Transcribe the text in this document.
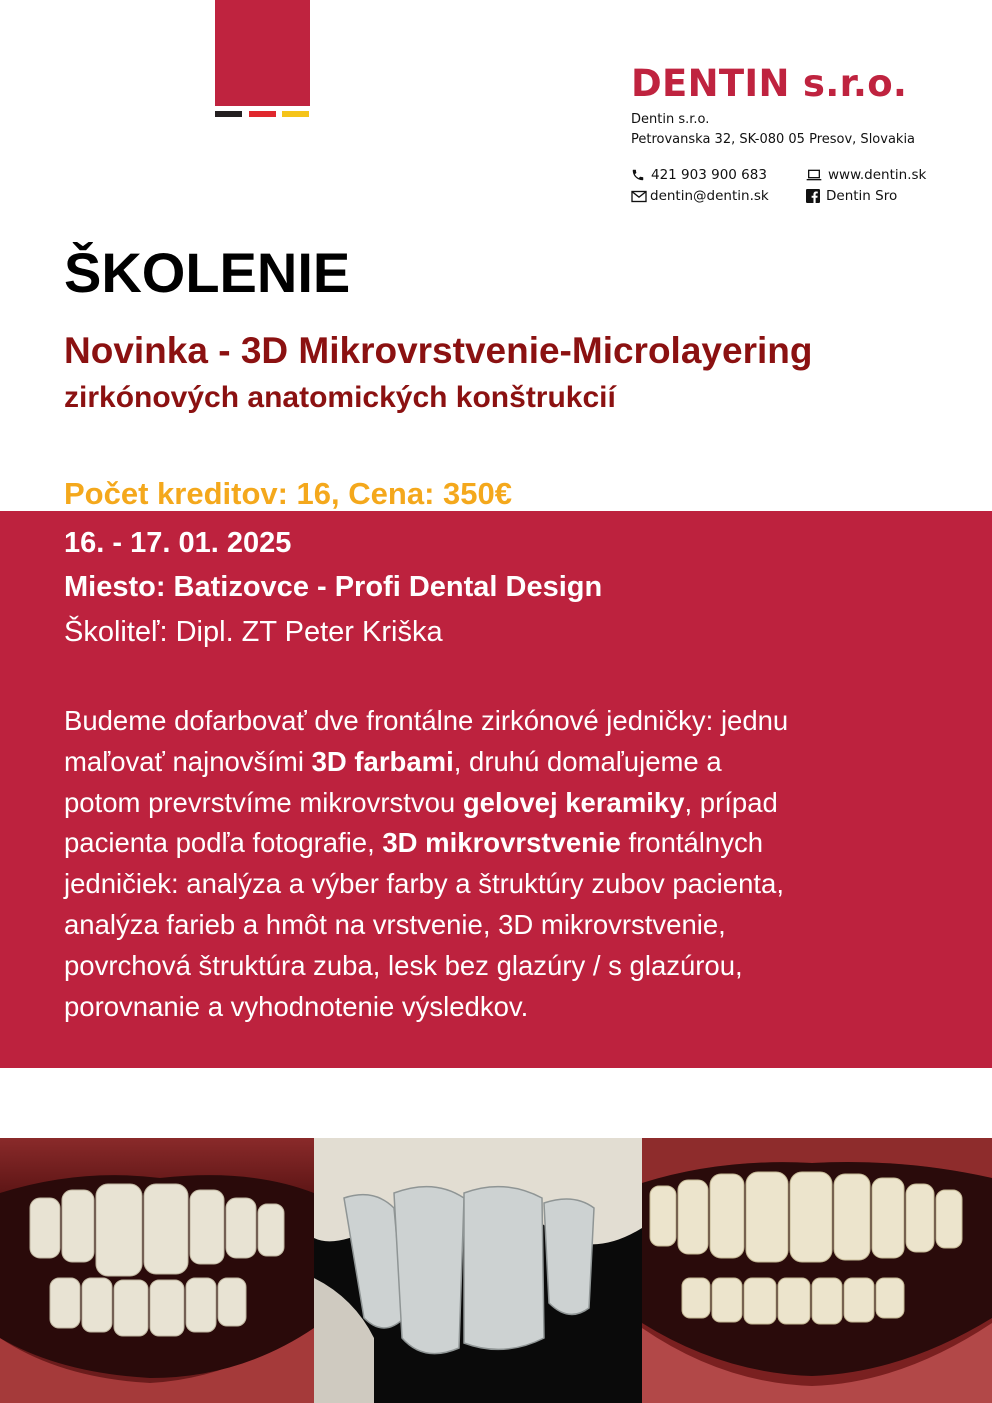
DENTIN s.r.o.
Dentin s.r.o.
Petrovanska 32, SK-080 05 Presov, Slovakia
421 903 900 683	www.dentin.sk
dentin@dentin.sk	Dentin Sro
ŠKOLENIE
Novinka - 3D Mikrovrstvenie-Microlayering
zirkónových anatomických konštrukcií
Počet kreditov: 16, Cena: 350€
16. - 17. 01. 2025
Miesto: Batizovce - Profi Dental Design
Školiteľ: Dipl. ZT Peter Kriška
Budeme dofarbovať dve frontálne zirkónové jedničky: jednu
maľovať najnovšími 3D farbami, druhú domaľujeme a
potom prevrstvíme mikrovrstvou gelovej keramiky, prípad
pacienta podľa fotografie, 3D mikrovrstvenie frontálnych
jedničiek: analýza a výber farby a štruktúry zubov pacienta,
analýza farieb a hmôt na vrstvenie, 3D mikrovrstvenie,
povrchová štruktúra zuba, lesk bez glazúry / s glazúrou,
porovnanie a vyhodnotenie výsledkov.
